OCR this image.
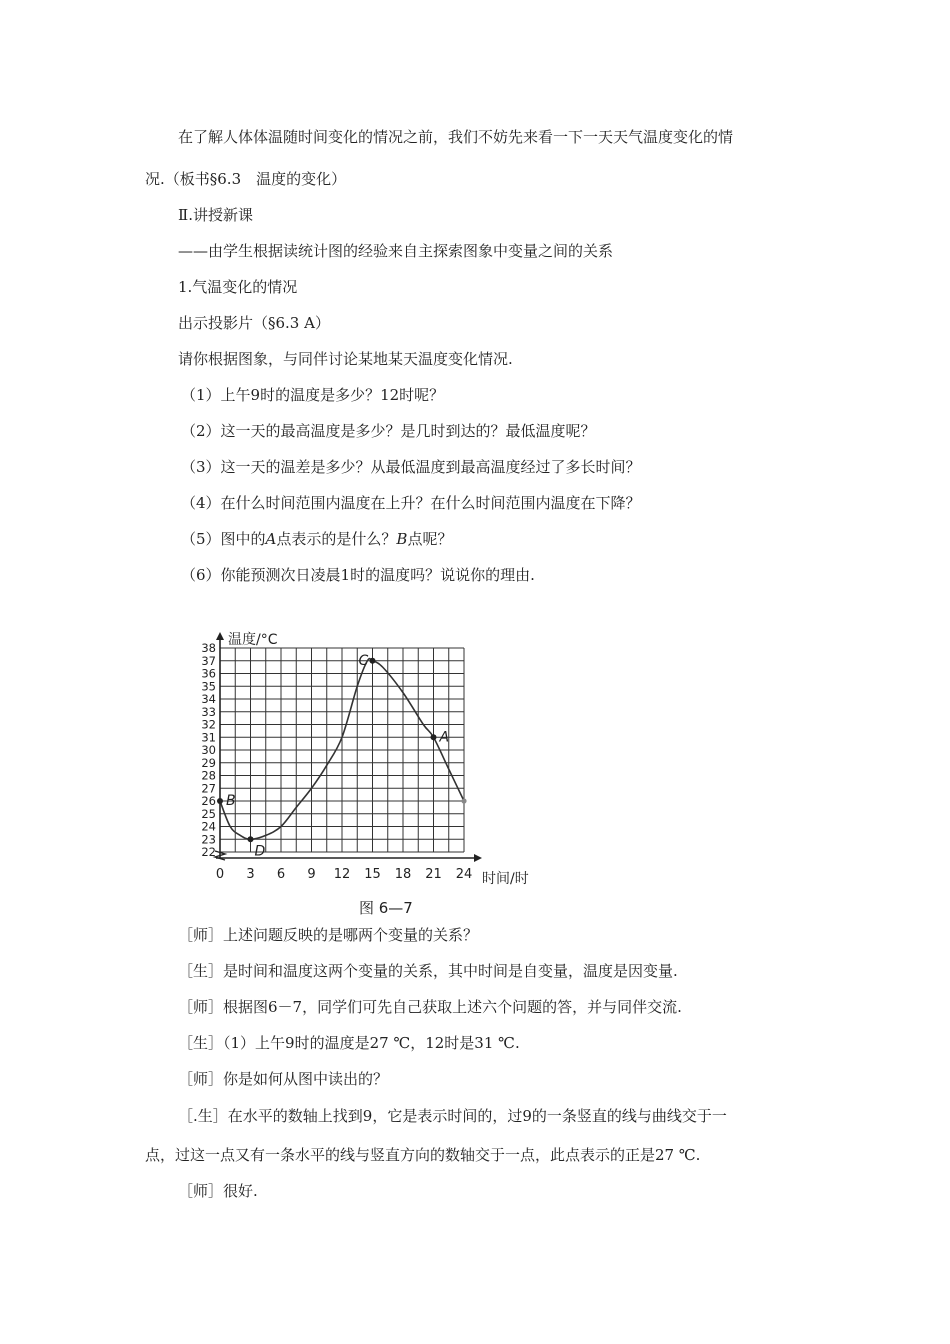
在了解人体体温随时间变化的情况之前，我们不妨先来看一下一天天气温度变化的情
况.（板书§6.3　温度的变化）
Ⅱ.讲授新课
——由学生根据读统计图的经验来自主探索图象中变量之间的关系
1.气温变化的情况
出示投影片（§6.3 A）
请你根据图象，与同伴讨论某地某天温度变化情况.
（1）上午9时的温度是多少？12时呢？
（2）这一天的最高温度是多少？是几时到达的？最低温度呢？
（3）这一天的温差是多少？从最低温度到最高温度经过了多长时间？
（4）在什么时间范围内温度在上升？在什么时间范围内温度在下降？
（5）图中的A点表示的是什么？B点呢？
（6）你能预测次日凌晨1时的温度吗？说说你的理由.
温度/°C
时间/时
22
23
24
25
26
27
28
29
30
31
32
33
34
35
36
37
38
0 3 6 9 12 15 18 21 24
B
D
C
A
图 6—7
［师］上述问题反映的是哪两个变量的关系？
［生］是时间和温度这两个变量的关系，其中时间是自变量，温度是因变量.
［师］根据图6－7，同学们可先自己获取上述六个问题的答，并与同伴交流.
［生］（1）上午9时的温度是27 ℃，12时是31 ℃.
［师］你是如何从图中读出的？
［.生］在水平的数轴上找到9，它是表示时间的，过9的一条竖直的线与曲线交于一
点，过这一点又有一条水平的线与竖直方向的数轴交于一点，此点表示的正是27 ℃.
［师］很好.
